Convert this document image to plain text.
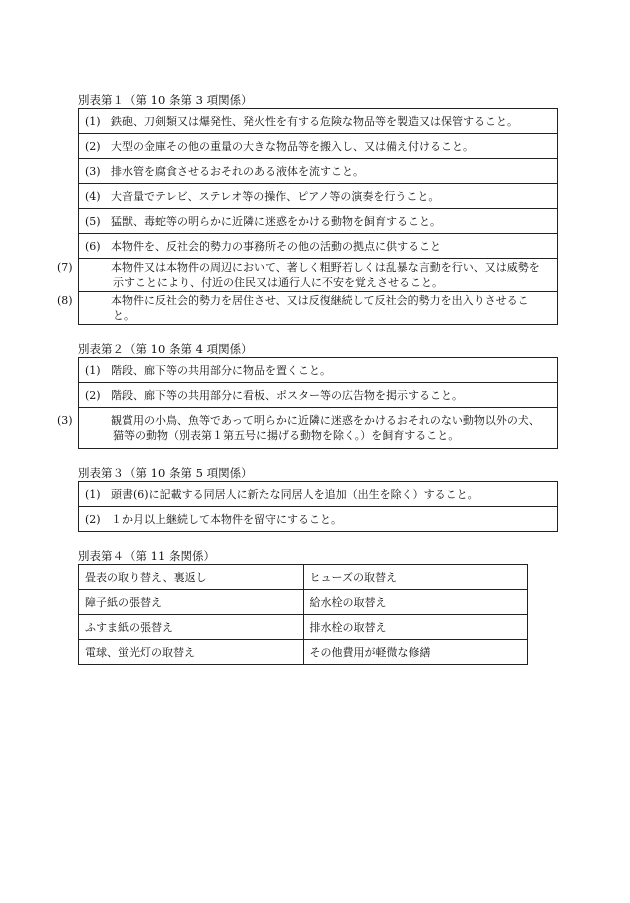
別表第１（第 10 条第 3 項関係）
(1) 鉄砲、刀剣類又は爆発性、発火性を有する危険な物品等を製造又は保管すること。
(2) 大型の金庫その他の重量の大きな物品等を搬入し、又は備え付けること。
(3) 排水管を腐食させるおそれのある液体を流すこと。
(4) 大音量でテレビ、ステレオ等の操作、ピアノ等の演奏を行うこと。
(5) 猛獣、毒蛇等の明らかに近隣に迷惑をかける動物を飼育すること。
(6) 本物件を、反社会的勢力の事務所その他の活動の拠点に供すること

(7)	本物件又は本物件の周辺において、著しく粗野若しくは乱暴な言動を行い、又は威勢を示すことにより、付近の住民又は通行人に不安を覚えさせること。

(8)	本物件に反社会的勢力を居住させ、又は反復継続して反社会的勢力を出入りさせること。
別表第２（第 10 条第 4 項関係）
(1) 階段、廊下等の共用部分に物品を置くこと。
(2) 階段、廊下等の共用部分に看板、ポスター等の広告物を掲示すること。

(3)	観賞用の小鳥、魚等であって明らかに近隣に迷惑をかけるおそれのない動物以外の犬、猫等の動物（別表第１第五号に揚げる動物を除く。）を飼育すること。
別表第３（第 10 条第 5 項関係）
(1) 頭書(6)に記載する同居人に新たな同居人を追加（出生を除く）すること。
(2) １か月以上継続して本物件を留守にすること。
別表第４（第 11 条関係）
畳表の取り替え、裏返し	ヒューズの取替え
障子紙の張替え	給水栓の取替え
ふすま紙の張替え	排水栓の取替え
電球、蛍光灯の取替え	その他費用が軽微な修繕
